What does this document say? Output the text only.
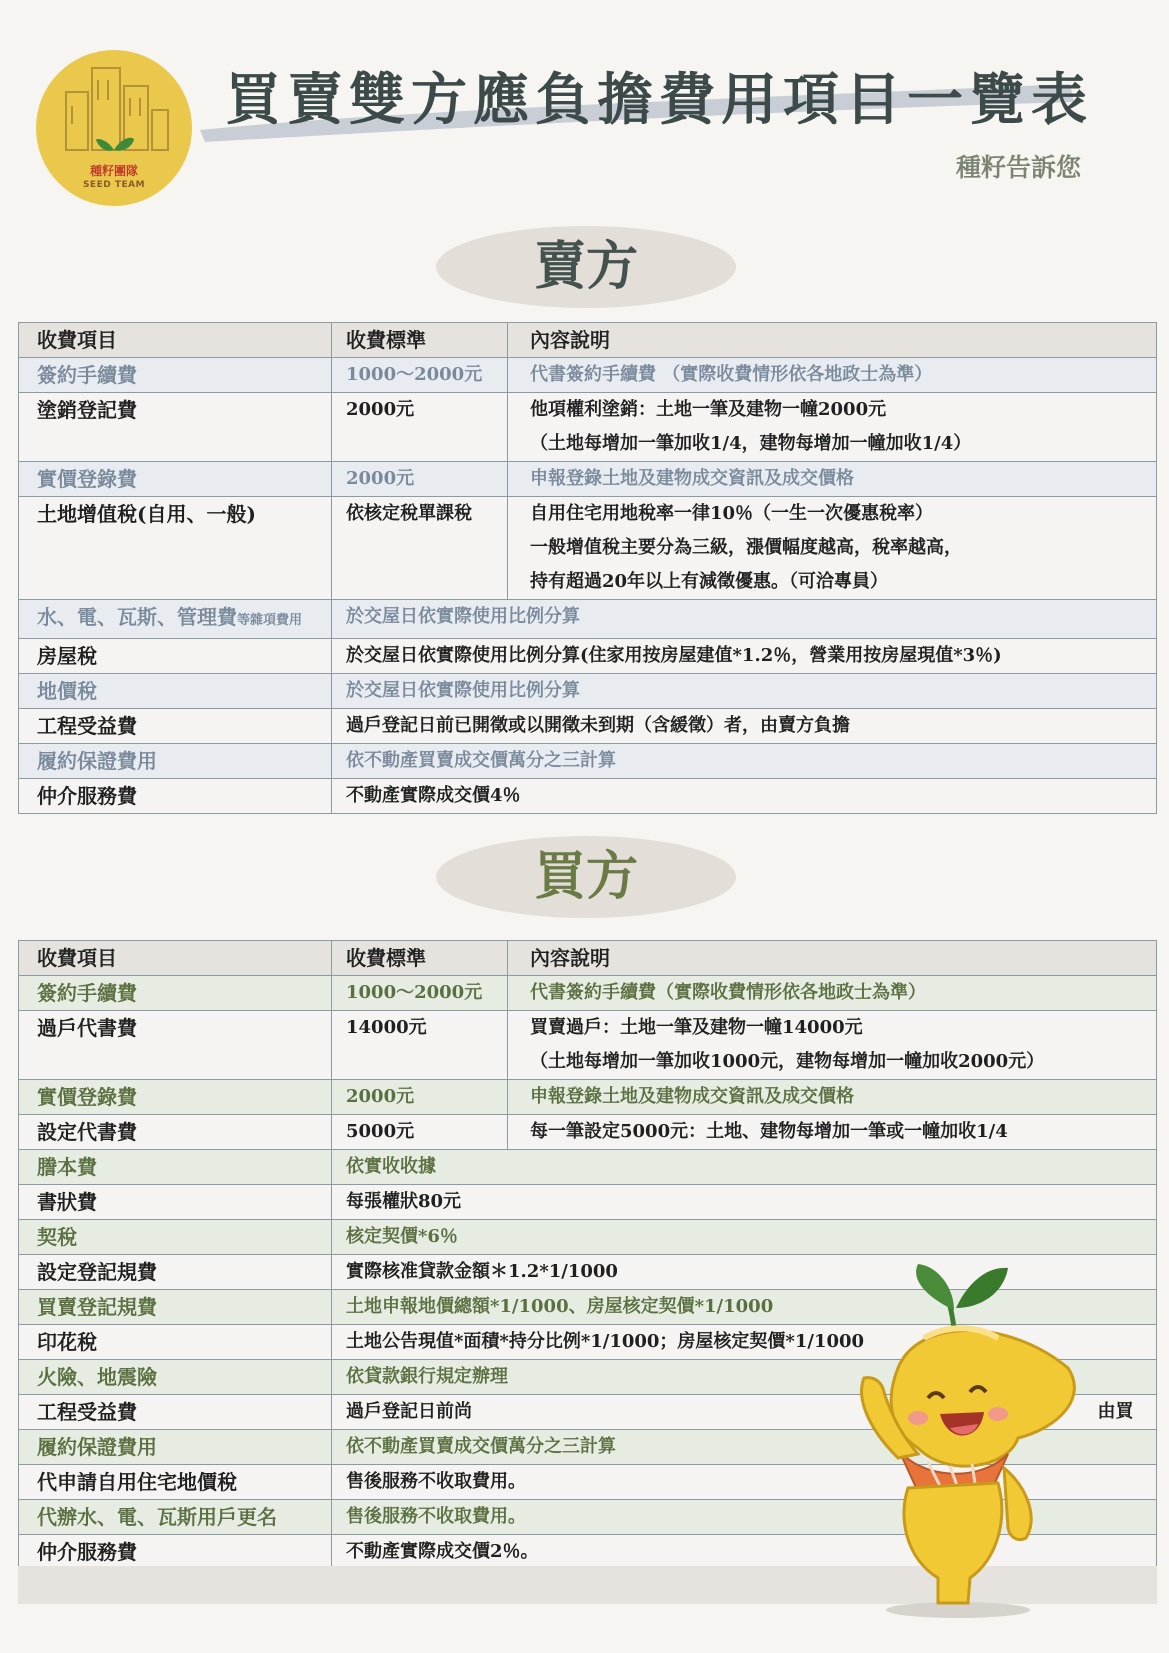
種籽團隊
SEED TEAM
買賣雙方應負擔費用項目一覽表
種籽告訴您
賣方
收費項目	收費標準	內容說明
簽約手續費	1000～2000元	代書簽約手續費 （實際收費情形依各地政士為準）
塗銷登記費	2000元	他項權利塗銷：土地一筆及建物一幢2000元
（土地每增加一筆加收1/4，建物每增加一幢加收1/4）

實價登錄費	2000元	申報登錄土地及建物成交資訊及成交價格
土地增值稅(自用、一般)	依核定稅單課稅	自用住宅用地稅率一律10％（一生一次優惠稅率）
一般增值稅主要分為三級，漲價幅度越高，稅率越高，
持有超過20年以上有減徵優惠。（可洽專員）

水、電、瓦斯、管理費等雜項費用	於交屋日依實際使用比例分算	
房屋稅	於交屋日依實際使用比例分算(住家用按房屋建值*1.2％，營業用按房屋現值*3％)	
地價稅	於交屋日依實際使用比例分算	
工程受益費	過戶登記日前已開徵或以開徵未到期（含緩徵）者，由賣方負擔	
履約保證費用	依不動產買賣成交價萬分之三計算	
仲介服務費	不動產實際成交價4％	
買方
收費項目	收費標準	內容說明
簽約手續費	1000～2000元	代書簽約手續費（實際收費情形依各地政士為準）
過戶代書費	14000元	買賣過戶：土地一筆及建物一幢14000元
（土地每增加一筆加收1000元，建物每增加一幢加收2000元）

實價登錄費	2000元	申報登錄土地及建物成交資訊及成交價格
設定代書費	5000元	每一筆設定5000元：土地、建物每增加一筆或一幢加收1/4
謄本費	依實收收據	
書狀費	每張權狀80元	
契稅	核定契價*6％	
設定登記規費	實際核准貸款金額＊1.2*1/1000	
買賣登記規費	土地申報地價總額*1/1000、房屋核定契價*1/1000	
印花稅	土地公告現值*面積*持分比例*1/1000；房屋核定契價*1/1000	
火險、地震險	依貸款銀行規定辦理	
工程受益費	過戶登記日前尚 由買	

履約保證費用	依不動產買賣成交價萬分之三計算	
代申請自用住宅地價稅	售後服務不收取費用。	
代辦水、電、瓦斯用戶更名	售後服務不收取費用。	
仲介服務費	不動產實際成交價2％。	
